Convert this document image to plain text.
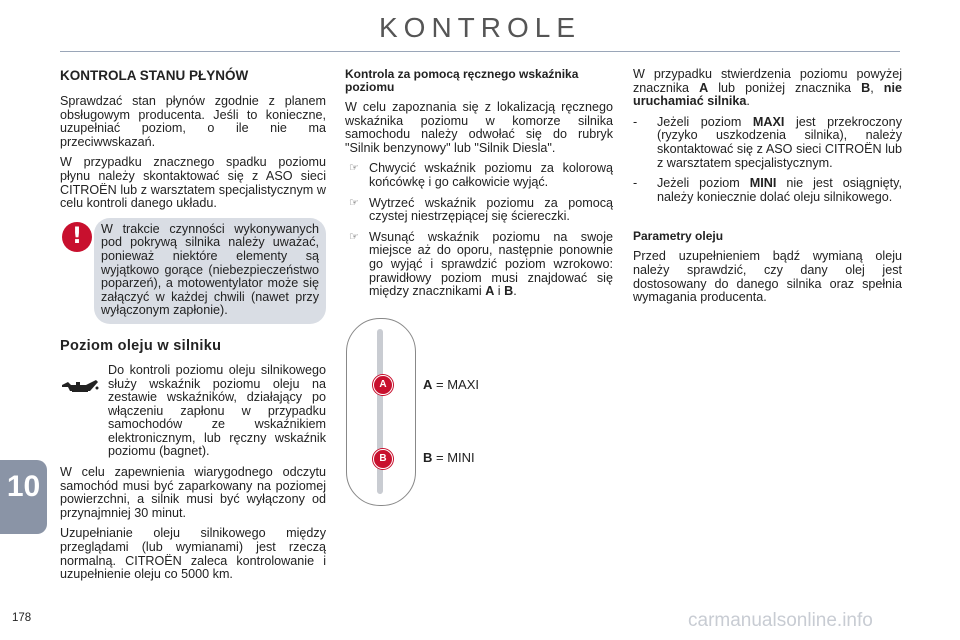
KONTROLE
KONTROLA STANU PŁYNÓW

Sprawdzać stan płynów zgodnie z planem obsługowym producenta. Jeśli to konieczne, uzupełniać poziom, o ile nie ma przeciwwskazań.

W przypadku znacznego spadku poziomu płynu należy skontaktować się z ASO sieci CITROËN lub z warsztatem specjalistycznym w celu kontroli danego układu.

!	W trakcie czynności wykonywanych pod pokrywą silnika należy uważać, ponieważ niektóre elementy są wyjątkowo gorące (niebezpieczeństwo poparzeń), a motowentylator może się załączyć w każdej chwili (nawet przy wyłączonym zapłonie).
Poziom oleju w silniku

Do kontroli poziomu oleju silnikowego służy wskaźnik poziomu oleju na zestawie wskaźników, działający po włączeniu zapłonu w przypadku samochodów ze wskaźnikiem elektronicznym, lub ręczny wskaźnik poziomu (bagnet).

W celu zapewnienia wiarygodnego odczytu samochód musi być zaparkowany na poziomej powierzchni, a silnik musi być wyłączony od przynajmniej 30 minut.

Uzupełnianie oleju silnikowego między przeglądami (lub wymianami) jest rzeczą normalną. CITROËN zaleca kontrolowanie i uzupełnienie oleju co 5000 km.

Kontrola za pomocą ręcznego wskaźnika poziomu

W celu zapoznania się z lokalizacją ręcznego wskaźnika poziomu w komorze silnika samochodu należy odwołać się do rubryk "Silnik benzynowy" lub "Silnik Diesla".

☞ Chwycić wskaźnik poziomu za kolorową końcówkę i go całkowicie wyjąć.

☞ Wytrzeć wskaźnik poziomu za pomocą czystej niestrzępiącej się ściereczki.

☞ Wsunąć wskaźnik poziomu na swoje miejsce aż do oporu, następnie ponownie go wyjąć i sprawdzić poziom wzrokowo: prawidłowy poziom musi znajdować się między znacznikami A i B.

A
B
A = MAXI
B = MINI

W przypadku stwierdzenia poziomu powyżej znacznika A lub poniżej znacznika B, nie uruchamiać silnika.

- Jeżeli poziom MAXI jest przekroczony (ryzyko uszkodzenia silnika), należy skontaktować się z ASO sieci CITROËN lub z warsztatem specjalistycznym.

- Jeżeli poziom MINI nie jest osiągnięty, należy koniecznie dolać oleju silnikowego.

Parametry oleju

Przed uzupełnieniem bądź wymianą oleju należy sprawdzić, czy dany olej jest dostosowany do danego silnika oraz spełnia wymagania producenta.

10
178	carmanualsonline.info
